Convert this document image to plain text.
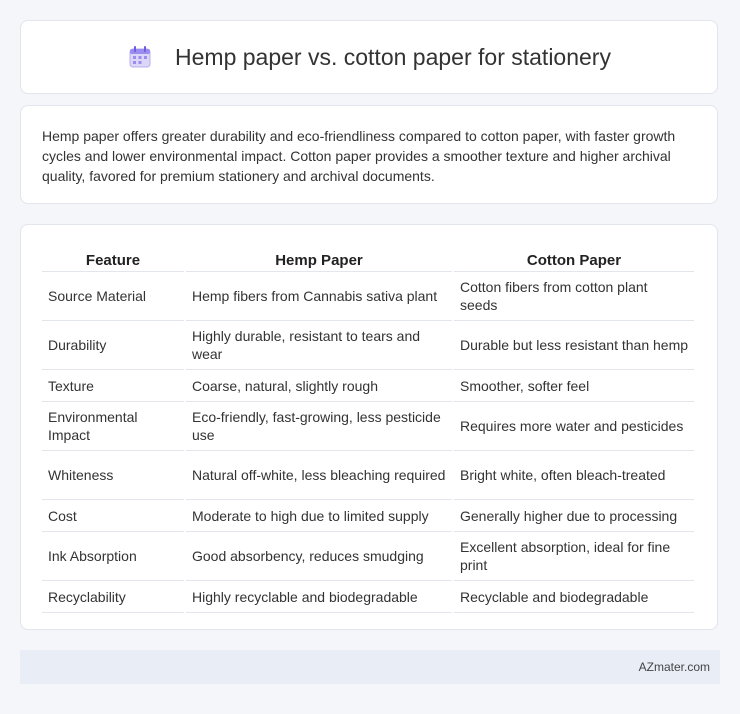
Hemp paper vs. cotton paper for stationery

Hemp paper offers greater durability and eco-friendliness compared to cotton paper, with faster growth cycles and lower environmental impact. Cotton paper provides a smoother texture and higher archival quality, favored for premium stationery and archival documents.

Feature	Hemp Paper	Cotton Paper
Source Material	Hemp fibers from Cannabis sativa plant	Cotton fibers from cotton plant seeds
Durability	Highly durable, resistant to tears and wear	Durable but less resistant than hemp
Texture	Coarse, natural, slightly rough	Smoother, softer feel
Environmental Impact	Eco-friendly, fast-growing, less pesticide use	Requires more water and pesticides
Whiteness	Natural off-white, less bleaching required	Bright white, often bleach-treated
Cost	Moderate to high due to limited supply	Generally higher due to processing
Ink Absorption	Good absorbency, reduces smudging	Excellent absorption, ideal for fine print
Recyclability	Highly recyclable and biodegradable	Recyclable and biodegradable
AZmater.com
